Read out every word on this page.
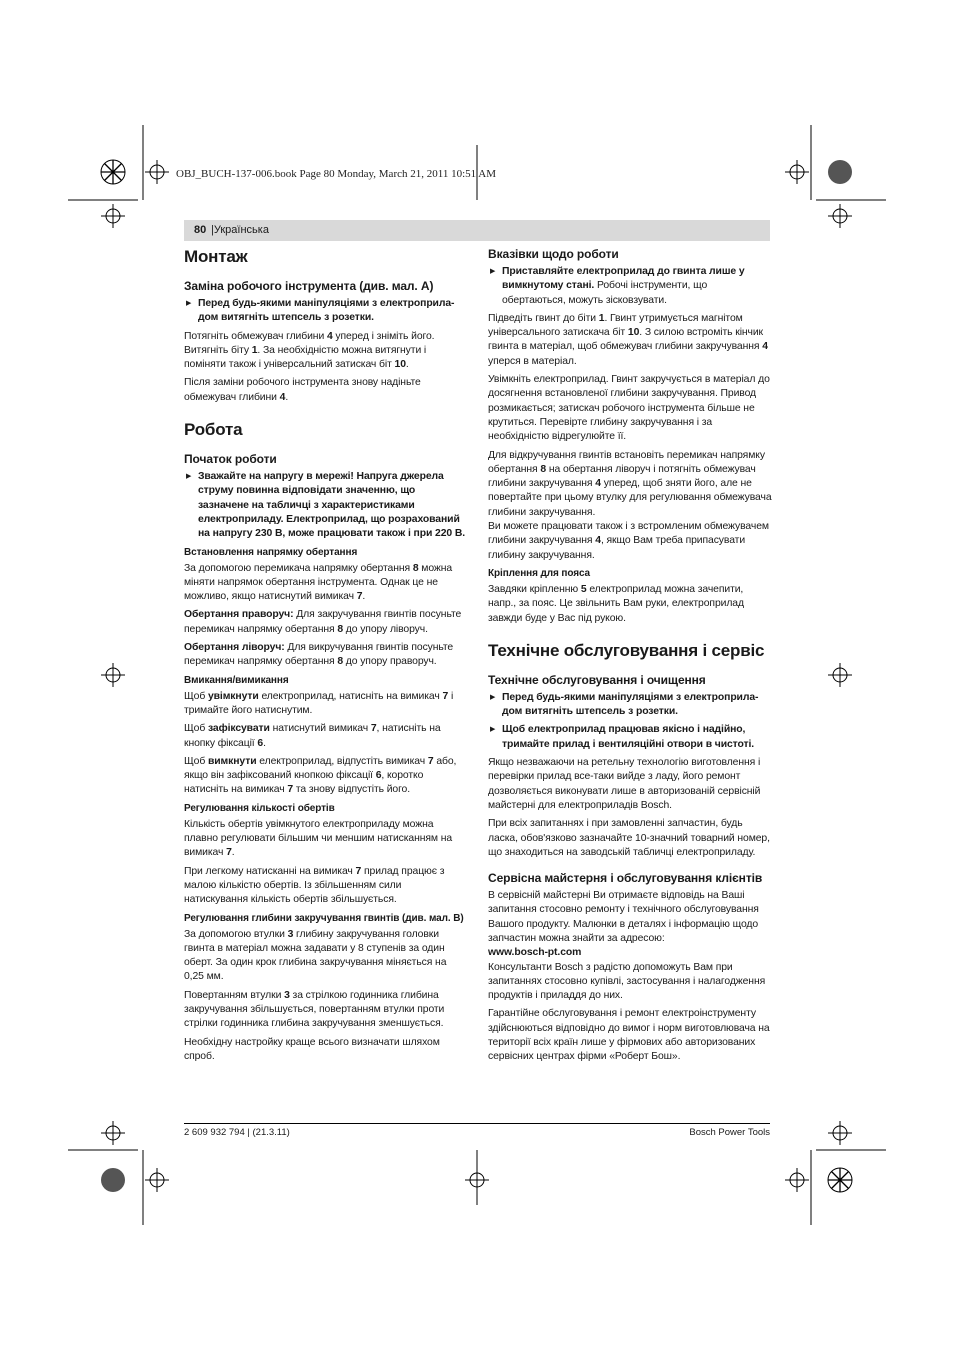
OBJ_BUCH-137-006.book Page 80 Monday, March 21, 2011 10:51 AM
80 |Українська
Монтаж
Заміна робочого інструмента (див. мал. А)
▶ Перед будь-якими маніпуляціями з електроприла-дом витягніть штепсель з розетки.

Потягніть обмежувач глибини 4 уперед і зніміть його. Витягніть біту 1. За необхідністю можна витягнути і поміняти також і універсальний затискач біт 10.

Після заміни робочого інструмента знову надіньте обмежувач глибини 4.

Робота
Початок роботи
▶ Зважайте на напругу в мережі! Напруга джерела струму повинна відповідати значенню, що зазначене на табличці з характеристиками електроприладу. Електроприлад, що розрахований на напругу 230 В, може працювати також і при 220 В.
Встановлення напрямку обертання

За допомогою перемикача напрямку обертання 8 можна міняти напрямок обертання інструмента. Однак це не можливо, якщо натиснутий вимикач 7.

Обертання праворуч: Для закручування гвинтів посуньте перемикач напрямку обертання 8 до упору ліворуч.

Обертання ліворуч: Для викручування гвинтів посуньте перемикач напрямку обертання 8 до упору праворуч.

Вмикання/вимикання

Щоб увімкнути електроприлад, натисніть на вимикач 7 і тримайте його натиснутим.

Щоб зафіксувати натиснутий вимикач 7, натисніть на кнопку фіксації 6.

Щоб вимкнути електроприлад, відпустіть вимикач 7 або, якщо він зафіксований кнопкою фіксації 6, коротко натисніть на вимикач 7 та знову відпустіть його.

Регулювання кількості обертів

Кількість обертів увімкнутого електроприладу можна плавно регулювати більшим чи меншим натисканням на вимикач 7.

При легкому натисканні на вимикач 7 прилад працює з малою кількістю обертів. Із збільшенням сили натискування кількість обертів збільшується.

Регулювання глибини закручування гвинтів (див. мал. В)

За допомогою втулки 3 глибину закручування головки гвинта в матеріал можна задавати у 8 ступенів за один оберт. За один крок глибина закручування міняється на 0,25 мм.

Повертанням втулки 3 за стрілкою годинника глибина закручування збільшується, повертанням втулки проти стрілки годинника глибина закручування зменшується.

Необхідну настройку краще всього визначати шляхом спроб.

Вказівки щодо роботи
▶ Приставляйте електроприлад до гвинта лише у вимкнутому стані. Робочі інструменти, що обертаються, можуть зісковзувати.

Підведіть гвинт до біти 1. Гвинт утримується магнітом універсального затискача біт 10. З силою встроміть кінчик гвинта в матеріал, щоб обмежувач глибини закручування 4 уперся в матеріал.

Увімкніть електроприлад. Гвинт закручується в матеріал до досягнення встановленої глибини закручування. Привод розмикається; затискач робочого інструмента більше не крутиться. Перевірте глибину закручування і за необхідністю відрегулюйте її.

Для відкручування гвинтів встановіть перемикач напрямку обертання 8 на обертання ліворуч і потягніть обмежувач глибини закручування 4 уперед, щоб зняти його, але не повертайте при цьому втулку для регулювання обмежувача глибини закручування.

Ви можете працювати також і з встромленим обмежувачем глибини закручування 4, якщо Вам треба припасувати глибину закручування.

Кріплення для пояса

Завдяки кріпленню 5 електроприлад можна зачепити, напр., за пояс. Це звільнить Вам руки, електроприлад завжди буде у Вас під рукою.

Технічне обслуговування і сервіс
Технічне обслуговування і очищення
▶ Перед будь-якими маніпуляціями з електроприла-дом витягніть штепсель з розетки.
▶ Щоб електроприлад працював якісно і надійно, тримайте прилад і вентиляційні отвори в чистоті.

Якщо незважаючи на ретельну технологію виготовлення і перевірки прилад все-таки вийде з ладу, його ремонт дозволяється виконувати лише в авторизованій сервісній майстерні для електроприладів Bosch.

При всіх запитаннях і при замовленні запчастин, будь ласка, обов'язково зазначайте 10-значний товарний номер, що знаходиться на заводській табличці електроприладу.

Сервісна майстерня і обслуговування клієнтів

В сервісній майстерні Ви отримаєте відповідь на Ваші запитання стосовно ремонту і технічного обслуговування Вашого продукту. Малюнки в деталях і інформацію щодо запчастин можна знайти за адресою:

www.bosch-pt.com

Консультанти Bosch з радістю допоможуть Вам при запитаннях стосовно купівлі, застосування і налагодження продуктів і приладдя до них.

Гарантійне обслуговування і ремонт електроінструменту здійснюються відповідно до вимог і норм виготовлювача на території всіх країн лише у фірмових або авторизованих сервісних центрах фірми «Роберт Бош».

2 609 932 794 | (21.3.11)	Bosch Power Tools
